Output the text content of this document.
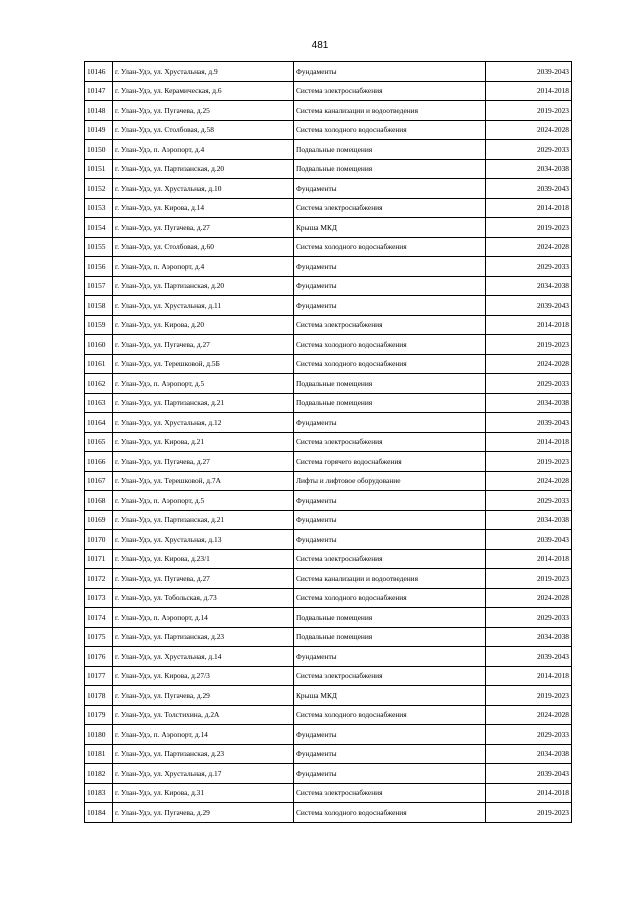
481
10146	г. Улан-Удэ, ул. Хрустальная, д.9	Фундаменты	2039-2043
10147	г. Улан-Удэ, ул. Керамическая, д.6	Система электроснабжения	2014-2018
10148	г. Улан-Удэ, ул. Пугачева, д.25	Система канализации и водоотведения	2019-2023
10149	г. Улан-Удэ, ул. Столбовая, д.58	Система холодного водоснабжения	2024-2028
10150	г. Улан-Удэ, п. Аэропорт, д.4	Подвальные помещения	2029-2033
10151	г. Улан-Удэ, ул. Партизанская, д.20	Подвальные помещения	2034-2038
10152	г. Улан-Удэ, ул. Хрустальная, д.10	Фундаменты	2039-2043
10153	г. Улан-Удэ, ул. Кирова, д.14	Система электроснабжения	2014-2018
10154	г. Улан-Удэ, ул. Пугачева, д.27	Крыша МКД	2019-2023
10155	г. Улан-Удэ, ул. Столбовая, д.60	Система холодного водоснабжения	2024-2028
10156	г. Улан-Удэ, п. Аэропорт, д.4	Фундаменты	2029-2033
10157	г. Улан-Удэ, ул. Партизанская, д.20	Фундаменты	2034-2038
10158	г. Улан-Удэ, ул. Хрустальная, д.11	Фундаменты	2039-2043
10159	г. Улан-Удэ, ул. Кирова, д.20	Система электроснабжения	2014-2018
10160	г. Улан-Удэ, ул. Пугачева, д.27	Система холодного водоснабжения	2019-2023
10161	г. Улан-Удэ, ул. Терешковой, д.5Б	Система холодного водоснабжения	2024-2028
10162	г. Улан-Удэ, п. Аэропорт, д.5	Подвальные помещения	2029-2033
10163	г. Улан-Удэ, ул. Партизанская, д.21	Подвальные помещения	2034-2038
10164	г. Улан-Удэ, ул. Хрустальная, д.12	Фундаменты	2039-2043
10165	г. Улан-Удэ, ул. Кирова, д.21	Система электроснабжения	2014-2018
10166	г. Улан-Удэ, ул. Пугачева, д.27	Система горячего водоснабжения	2019-2023
10167	г. Улан-Удэ, ул. Терешковой, д.7А	Лифты и лифтовое оборудование	2024-2028
10168	г. Улан-Удэ, п. Аэропорт, д.5	Фундаменты	2029-2033
10169	г. Улан-Удэ, ул. Партизанская, д.21	Фундаменты	2034-2038
10170	г. Улан-Удэ, ул. Хрустальная, д.13	Фундаменты	2039-2043
10171	г. Улан-Удэ, ул. Кирова, д.23/1	Система электроснабжения	2014-2018
10172	г. Улан-Удэ, ул. Пугачева, д.27	Система канализации и водоотведения	2019-2023
10173	г. Улан-Удэ, ул. Тобольская, д.73	Система холодного водоснабжения	2024-2028
10174	г. Улан-Удэ, п. Аэропорт, д.14	Подвальные помещения	2029-2033
10175	г. Улан-Удэ, ул. Партизанская, д.23	Подвальные помещения	2034-2038
10176	г. Улан-Удэ, ул. Хрустальная, д.14	Фундаменты	2039-2043
10177	г. Улан-Удэ, ул. Кирова, д.27/3	Система электроснабжения	2014-2018
10178	г. Улан-Удэ, ул. Пугачева, д.29	Крыша МКД	2019-2023
10179	г. Улан-Удэ, ул. Толстихина, д.2А	Система холодного водоснабжения	2024-2028
10180	г. Улан-Удэ, п. Аэропорт, д.14	Фундаменты	2029-2033
10181	г. Улан-Удэ, ул. Партизанская, д.23	Фундаменты	2034-2038
10182	г. Улан-Удэ, ул. Хрустальная, д.17	Фундаменты	2039-2043
10183	г. Улан-Удэ, ул. Кирова, д.31	Система электроснабжения	2014-2018
10184	г. Улан-Удэ, ул. Пугачева, д.29	Система холодного водоснабжения	2019-2023
